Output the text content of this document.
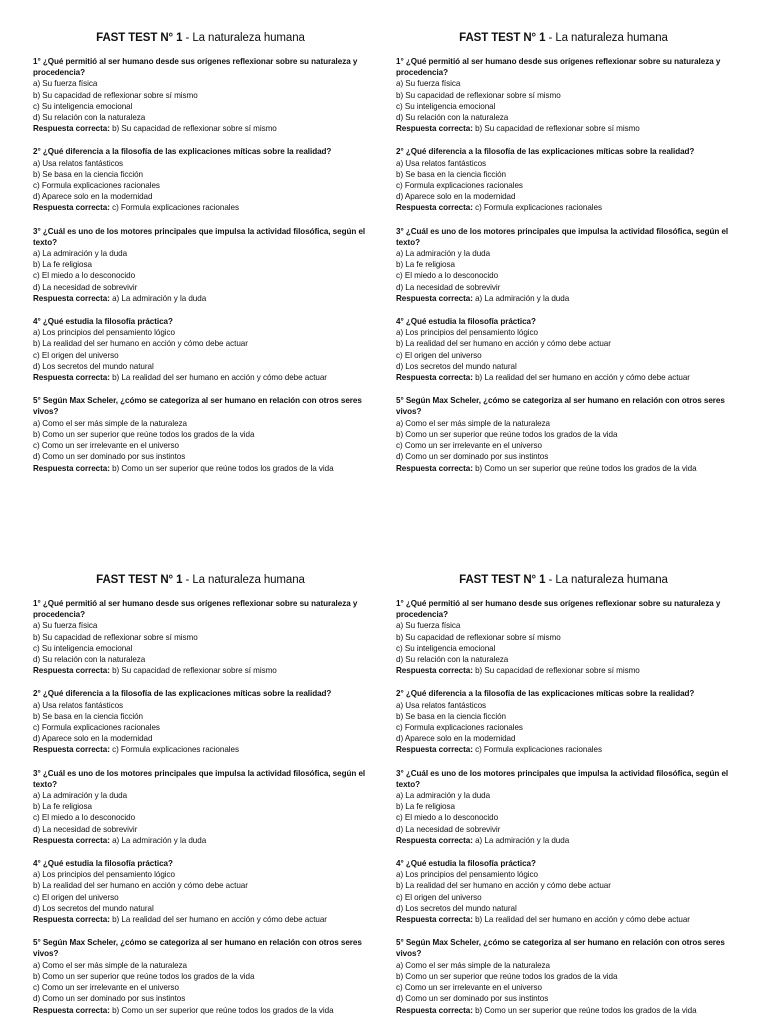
FAST TEST N° 1 - La naturaleza humana
1° ¿Qué permitió al ser humano desde sus orígenes reflexionar sobre su naturaleza y procedencia?
a) Su fuerza física
b) Su capacidad de reflexionar sobre sí mismo
c) Su inteligencia emocional
d) Su relación con la naturaleza
Respuesta correcta: b) Su capacidad de reflexionar sobre sí mismo
2° ¿Qué diferencia a la filosofía de las explicaciones míticas sobre la realidad?
a) Usa relatos fantásticos
b) Se basa en la ciencia ficción
c) Formula explicaciones racionales
d) Aparece solo en la modernidad
Respuesta correcta: c) Formula explicaciones racionales
3° ¿Cuál es uno de los motores principales que impulsa la actividad filosófica, según el texto?
a) La admiración y la duda
b) La fe religiosa
c) El miedo a lo desconocido
d) La necesidad de sobrevivir
Respuesta correcta: a) La admiración y la duda
4° ¿Qué estudia la filosofía práctica?
a) Los principios del pensamiento lógico
b) La realidad del ser humano en acción y cómo debe actuar
c) El origen del universo
d) Los secretos del mundo natural
Respuesta correcta: b) La realidad del ser humano en acción y cómo debe actuar
5° Según Max Scheler, ¿cómo se categoriza al ser humano en relación con otros seres vivos?
a) Como el ser más simple de la naturaleza
b) Como un ser superior que reúne todos los grados de la vida
c) Como un ser irrelevante en el universo
d) Como un ser dominado por sus instintos
Respuesta correcta: b) Como un ser superior que reúne todos los grados de la vida
FAST TEST N° 1 - La naturaleza humana
1° ¿Qué permitió al ser humano desde sus orígenes reflexionar sobre su naturaleza y procedencia?
a) Su fuerza física
b) Su capacidad de reflexionar sobre sí mismo
c) Su inteligencia emocional
d) Su relación con la naturaleza
Respuesta correcta: b) Su capacidad de reflexionar sobre sí mismo
2° ¿Qué diferencia a la filosofía de las explicaciones míticas sobre la realidad?
a) Usa relatos fantásticos
b) Se basa en la ciencia ficción
c) Formula explicaciones racionales
d) Aparece solo en la modernidad
Respuesta correcta: c) Formula explicaciones racionales
3° ¿Cuál es uno de los motores principales que impulsa la actividad filosófica, según el texto?
a) La admiración y la duda
b) La fe religiosa
c) El miedo a lo desconocido
d) La necesidad de sobrevivir
Respuesta correcta: a) La admiración y la duda
4° ¿Qué estudia la filosofía práctica?
a) Los principios del pensamiento lógico
b) La realidad del ser humano en acción y cómo debe actuar
c) El origen del universo
d) Los secretos del mundo natural
Respuesta correcta: b) La realidad del ser humano en acción y cómo debe actuar
5° Según Max Scheler, ¿cómo se categoriza al ser humano en relación con otros seres vivos?
a) Como el ser más simple de la naturaleza
b) Como un ser superior que reúne todos los grados de la vida
c) Como un ser irrelevante en el universo
d) Como un ser dominado por sus instintos
Respuesta correcta: b) Como un ser superior que reúne todos los grados de la vida
FAST TEST N° 1 - La naturaleza humana
1° ¿Qué permitió al ser humano desde sus orígenes reflexionar sobre su naturaleza y procedencia?
a) Su fuerza física
b) Su capacidad de reflexionar sobre sí mismo
c) Su inteligencia emocional
d) Su relación con la naturaleza
Respuesta correcta: b) Su capacidad de reflexionar sobre sí mismo
2° ¿Qué diferencia a la filosofía de las explicaciones míticas sobre la realidad?
a) Usa relatos fantásticos
b) Se basa en la ciencia ficción
c) Formula explicaciones racionales
d) Aparece solo en la modernidad
Respuesta correcta: c) Formula explicaciones racionales
3° ¿Cuál es uno de los motores principales que impulsa la actividad filosófica, según el texto?
a) La admiración y la duda
b) La fe religiosa
c) El miedo a lo desconocido
d) La necesidad de sobrevivir
Respuesta correcta: a) La admiración y la duda
4° ¿Qué estudia la filosofía práctica?
a) Los principios del pensamiento lógico
b) La realidad del ser humano en acción y cómo debe actuar
c) El origen del universo
d) Los secretos del mundo natural
Respuesta correcta: b) La realidad del ser humano en acción y cómo debe actuar
5° Según Max Scheler, ¿cómo se categoriza al ser humano en relación con otros seres vivos?
a) Como el ser más simple de la naturaleza
b) Como un ser superior que reúne todos los grados de la vida
c) Como un ser irrelevante en el universo
d) Como un ser dominado por sus instintos
Respuesta correcta: b) Como un ser superior que reúne todos los grados de la vida
FAST TEST N° 1 - La naturaleza humana
1° ¿Qué permitió al ser humano desde sus orígenes reflexionar sobre su naturaleza y procedencia?
a) Su fuerza física
b) Su capacidad de reflexionar sobre sí mismo
c) Su inteligencia emocional
d) Su relación con la naturaleza
Respuesta correcta: b) Su capacidad de reflexionar sobre sí mismo
2° ¿Qué diferencia a la filosofía de las explicaciones míticas sobre la realidad?
a) Usa relatos fantásticos
b) Se basa en la ciencia ficción
c) Formula explicaciones racionales
d) Aparece solo en la modernidad
Respuesta correcta: c) Formula explicaciones racionales
3° ¿Cuál es uno de los motores principales que impulsa la actividad filosófica, según el texto?
a) La admiración y la duda
b) La fe religiosa
c) El miedo a lo desconocido
d) La necesidad de sobrevivir
Respuesta correcta: a) La admiración y la duda
4° ¿Qué estudia la filosofía práctica?
a) Los principios del pensamiento lógico
b) La realidad del ser humano en acción y cómo debe actuar
c) El origen del universo
d) Los secretos del mundo natural
Respuesta correcta: b) La realidad del ser humano en acción y cómo debe actuar
5° Según Max Scheler, ¿cómo se categoriza al ser humano en relación con otros seres vivos?
a) Como el ser más simple de la naturaleza
b) Como un ser superior que reúne todos los grados de la vida
c) Como un ser irrelevante en el universo
d) Como un ser dominado por sus instintos
Respuesta correcta: b) Como un ser superior que reúne todos los grados de la vida
